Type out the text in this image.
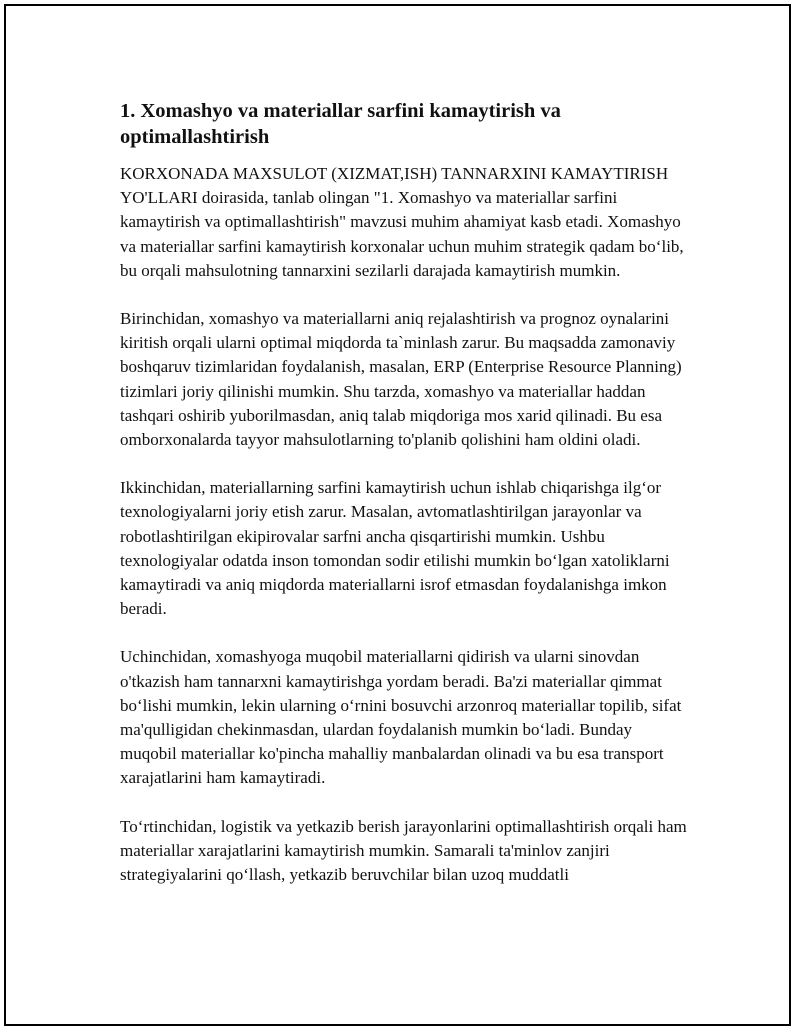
1. Xomashyo va materiallar sarfini kamaytirish va optimallashtirish

KORXONADA MAXSULOT (XIZMAT,ISH) TANNARXINI KAMAYTIRISH YO'LLARI doirasida, tanlab olingan "1. Xomashyo va materiallar sarfini kamaytirish va optimallashtirish" mavzusi muhim ahamiyat kasb etadi. Xomashyo va materiallar sarfini kamaytirish korxonalar uchun muhim strategik qadam bo‘lib, bu orqali mahsulotning tannarxini sezilarli darajada kamaytirish mumkin.

Birinchidan, xomashyo va materiallarni aniq rejalashtirish va prognoz oynalarini kiritish orqali ularni optimal miqdorda ta`minlash zarur. Bu maqsadda zamonaviy boshqaruv tizimlaridan foydalanish, masalan, ERP (Enterprise Resource Planning) tizimlari joriy qilinishi mumkin. Shu tarzda, xomashyo va materiallar haddan tashqari oshirib yuborilmasdan, aniq talab miqdoriga mos xarid qilinadi. Bu esa omborxonalarda tayyor mahsulotlarning to'planib qolishini ham oldini oladi.

Ikkinchidan, materiallarning sarfini kamaytirish uchun ishlab chiqarishga ilg‘or texnologiyalarni joriy etish zarur. Masalan, avtomatlashtirilgan jarayonlar va robotlashtirilgan ekipirovalar sarfni ancha qisqartirishi mumkin. Ushbu texnologiyalar odatda inson tomondan sodir etilishi mumkin bo‘lgan xatoliklarni kamaytiradi va aniq miqdorda materiallarni isrof etmasdan foydalanishga imkon beradi.

Uchinchidan, xomashyoga muqobil materiallarni qidirish va ularni sinovdan o'tkazish ham tannarxni kamaytirishga yordam beradi. Ba'zi materiallar qimmat bo‘lishi mumkin, lekin ularning o‘rnini bosuvchi arzonroq materiallar topilib, sifat ma'qulligidan chekinmasdan, ulardan foydalanish mumkin bo‘ladi. Bunday muqobil materiallar ko'pincha mahalliy manbalardan olinadi va bu esa transport xarajatlarini ham kamaytiradi.

To‘rtinchidan, logistik va yetkazib berish jarayonlarini optimallashtirish orqali ham materiallar xarajatlarini kamaytirish mumkin. Samarali ta'minlov zanjiri strategiyalarini qo‘llash, yetkazib beruvchilar bilan uzoq muddatli
